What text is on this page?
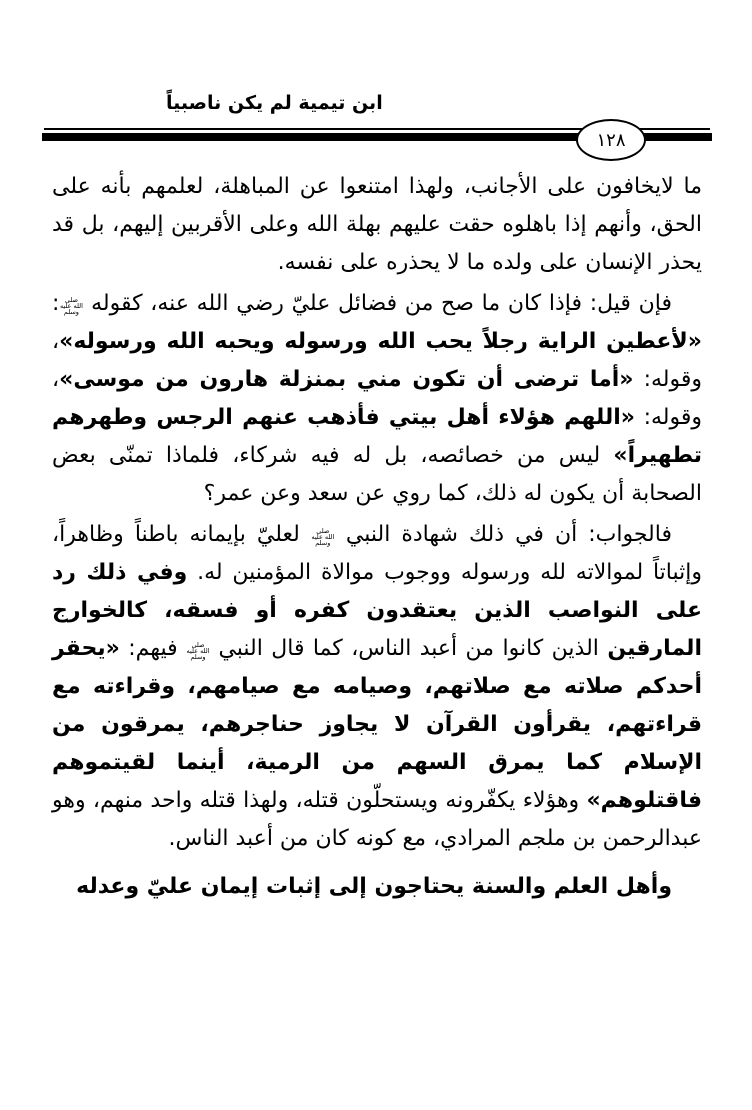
ابن تيمية لم يكن ناصبياً
١٢٨

ما لايخافون على الأجانب، ولهذا امتنعوا عن المباهلة، لعلمهم بأنه على الحق، وأنهم إذا باهلوه حقت عليهم بهلة الله وعلى الأقربين إليهم، بل قد يحذر الإنسان على ولده ما لا يحذره على نفسه.

فإن قيل: فإذا كان ما صح من فضائل عليّ رضي الله عنه، كقوله صلى الله عليه وسلم: «لأعطين الراية رجلاً يحب الله ورسوله ويحبه الله ورسوله»، وقوله: «أما ترضى أن تكون مني بمنزلة هارون من موسى»، وقوله: «اللهم هؤلاء أهل بيتي فأذهب عنهم الرجس وطهرهم تطهيراً» ليس من خصائصه، بل له فيه شركاء، فلماذا تمنّى بعض الصحابة أن يكون له ذلك، كما روي عن سعد وعن عمر؟

فالجواب: أن في ذلك شهادة النبي صلى الله عليه وسلم لعليّ بإيمانه باطناً وظاهراً، وإثباتاً لموالاته لله ورسوله ووجوب موالاة المؤمنين له. وفي ذلك رد على النواصب الذين يعتقدون كفره أو فسقه، كالخوارج المارقين الذين كانوا من أعبد الناس، كما قال النبي صلى الله عليه وسلم فيهم: «يحقر أحدكم صلاته مع صلاتهم، وصيامه مع صيامهم، وقراءته مع قراءتهم، يقرأون القرآن لا يجاوز حناجرهم، يمرقون من الإسلام كما يمرق السهم من الرمية، أينما لقيتموهم فاقتلوهم» وهؤلاء يكفّرونه ويستحلّون قتله، ولهذا قتله واحد منهم، وهو عبدالرحمن بن ملجم المرادي، مع كونه كان من أعبد الناس.

وأهل العلم والسنة يحتاجون إلى إثبات إيمان عليّ وعدله
